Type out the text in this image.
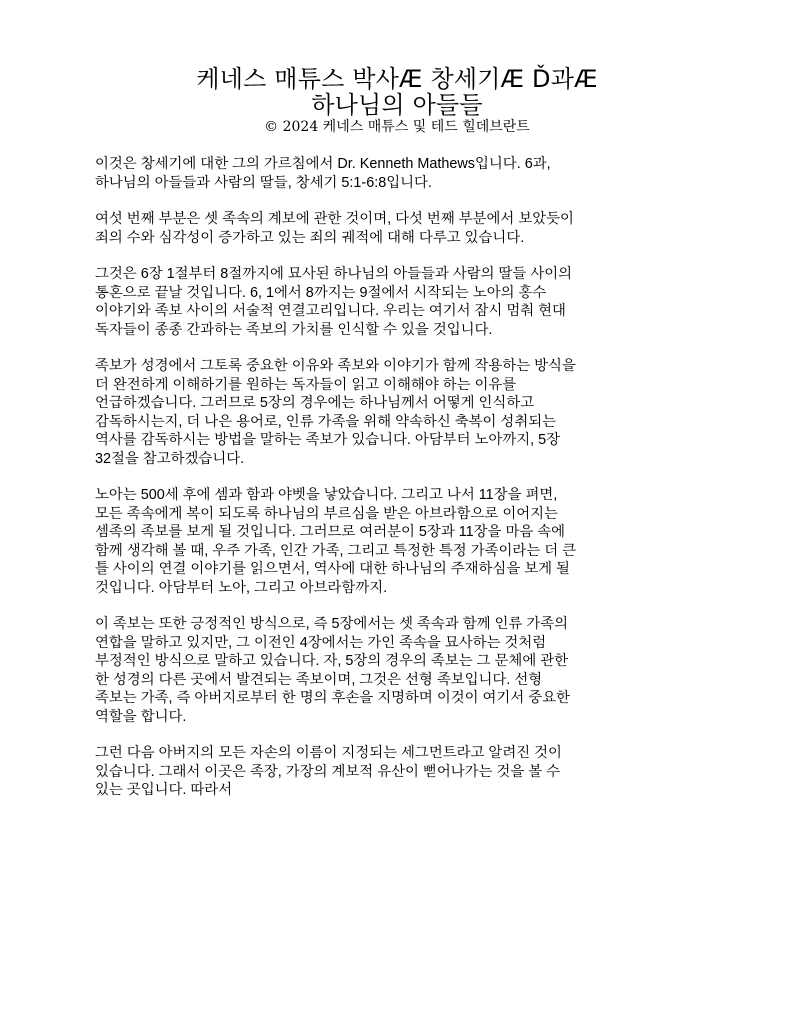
케네스 매튜스 박사Æ 창세기Æ Ď과Æ
하나님의 아들들
© 2024 케네스 매튜스 및 테드 힐데브란트
이것은 창세기에 대한 그의 가르침에서 Dr. Kenneth Mathews입니다. 6과,
하나님의 아들들과 사람의 딸들, 창세기 5:1-6:8입니다.
여섯 번째 부분은 셋 족속의 계보에 관한 것이며, 다섯 번째 부분에서 보았듯이
죄의 수와 심각성이 증가하고 있는 죄의 궤적에 대해 다루고 있습니다.
그것은 6장 1절부터 8절까지에 묘사된 하나님의 아들들과 사람의 딸들 사이의
통혼으로 끝날 것입니다. 6, 1에서 8까지는 9절에서 시작되는 노아의 홍수
이야기와 족보 사이의 서술적 연결고리입니다. 우리는 여기서 잠시 멈춰 현대
독자들이 종종 간과하는 족보의 가치를 인식할 수 있을 것입니다.
족보가 성경에서 그토록 중요한 이유와 족보와 이야기가 함께 작용하는 방식을
더 완전하게 이해하기를 원하는 독자들이 읽고 이해해야 하는 이유를
언급하겠습니다. 그러므로 5장의 경우에는 하나님께서 어떻게 인식하고
감독하시는지, 더 나은 용어로, 인류 가족을 위해 약속하신 축복이 성취되는
역사를 감독하시는 방법을 말하는 족보가 있습니다. 아담부터 노아까지, 5장
32절을 참고하겠습니다.
노아는 500세 후에 셈과 함과 야벳을 낳았습니다. 그리고 나서 11장을 펴면,
모든 족속에게 복이 되도록 하나님의 부르심을 받은 아브라함으로 이어지는
셈족의 족보를 보게 될 것입니다. 그러므로 여러분이 5장과 11장을 마음 속에
함께 생각해 볼 때, 우주 가족, 인간 가족, 그리고 특정한 특정 가족이라는 더 큰
틀 사이의 연결 이야기를 읽으면서, 역사에 대한 하나님의 주재하심을 보게 될
것입니다. 아담부터 노아, 그리고 아브라함까지.
이 족보는 또한 긍정적인 방식으로, 즉 5장에서는 셋 족속과 함께 인류 가족의
연합을 말하고 있지만, 그 이전인 4장에서는 가인 족속을 묘사하는 것처럼
부정적인 방식으로 말하고 있습니다. 자, 5장의 경우의 족보는 그 문체에 관한
한 성경의 다른 곳에서 발견되는 족보이며, 그것은 선형 족보입니다. 선형
족보는 가족, 즉 아버지로부터 한 명의 후손을 지명하며 이것이 여기서 중요한
역할을 합니다.
그런 다음 아버지의 모든 자손의 이름이 지정되는 세그먼트라고 알려진 것이
있습니다. 그래서 이곳은 족장, 가장의 계보적 유산이 뻗어나가는 것을 볼 수
있는 곳입니다. 따라서
